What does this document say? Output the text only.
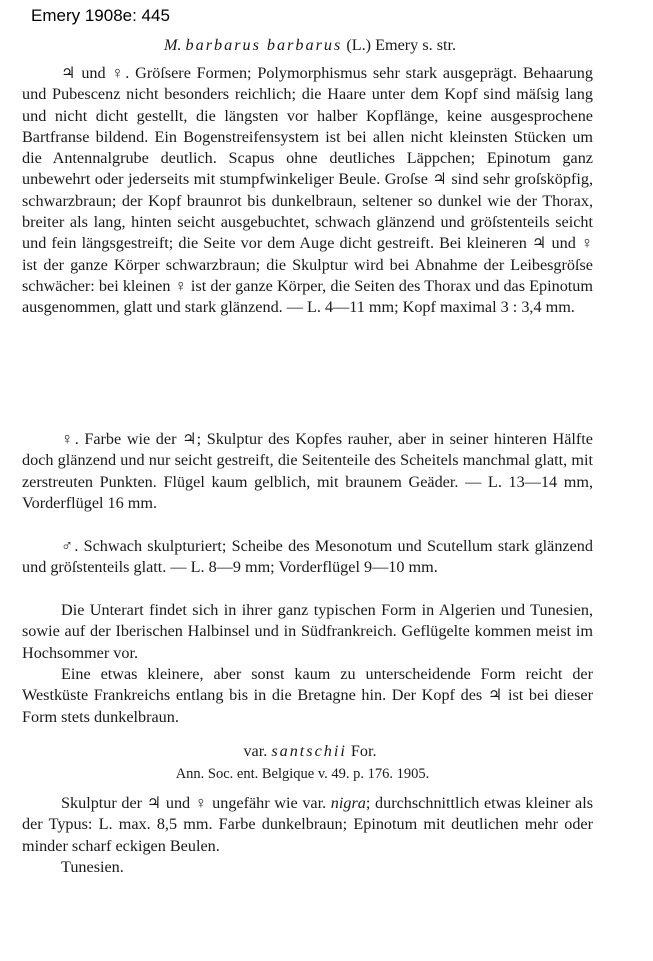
Emery 1908e: 445
M. barbarus barbarus (L.) Emery s. str.

♃ und ♀. Gröſsere Formen; Polymorphismus sehr stark ausgeprägt. Behaarung und Pubescenz nicht besonders reichlich; die Haare unter dem Kopf sind mäſsig lang und nicht dicht gestellt, die längsten vor halber Kopflänge, keine ausgesprochene Bartfranse bildend. Ein Bogenstreifensystem ist bei allen nicht kleinsten Stücken um die Antennalgrube deutlich. Scapus ohne deutliches Läppchen; Epinotum ganz unbewehrt oder jederseits mit stumpfwinkeliger Beule. Groſse ♃ sind sehr groſsköpfig, schwarzbraun; der Kopf braunrot bis dunkelbraun, seltener so dunkel wie der Thorax, breiter als lang, hinten seicht ausgebuchtet, schwach glänzend und gröſstenteils seicht und fein längsgestreift; die Seite vor dem Auge dicht gestreift. Bei kleineren ♃ und ♀ ist der ganze Körper schwarzbraun; die Skulptur wird bei Abnahme der Leibesgröſse schwächer: bei kleinen ♀ ist der ganze Körper, die Seiten des Thorax und das Epinotum ausgenommen, glatt und stark glänzend. — L. 4—11 mm; Kopf maximal 3 : 3,4 mm.

♀. Farbe wie der ♃; Skulptur des Kopfes rauher, aber in seiner hinteren Hälfte doch glänzend und nur seicht gestreift, die Seitenteile des Scheitels manchmal glatt, mit zerstreuten Punkten. Flügel kaum gelblich, mit braunem Geäder. — L. 13—14 mm, Vorderflügel 16 mm.

♂. Schwach skulpturiert; Scheibe des Mesonotum und Scutellum stark glänzend und gröſstenteils glatt. — L. 8—9 mm; Vorderflügel 9—10 mm.

Die Unterart findet sich in ihrer ganz typischen Form in Algerien und Tunesien, sowie auf der Iberischen Halbinsel und in Südfrankreich. Geflügelte kommen meist im Hochsommer vor.

Eine etwas kleinere, aber sonst kaum zu unterscheidende Form reicht der Westküste Frankreichs entlang bis in die Bretagne hin. Der Kopf des ♃ ist bei dieser Form stets dunkelbraun.

var. santschii For.
Ann. Soc. ent. Belgique v. 49. p. 176. 1905.

Skulptur der ♃ und ♀ ungefähr wie var. nigra; durchschnittlich etwas kleiner als der Typus: L. max. 8,5 mm. Farbe dunkelbraun; Epinotum mit deutlichen mehr oder minder scharf eckigen Beulen.

Tunesien.
